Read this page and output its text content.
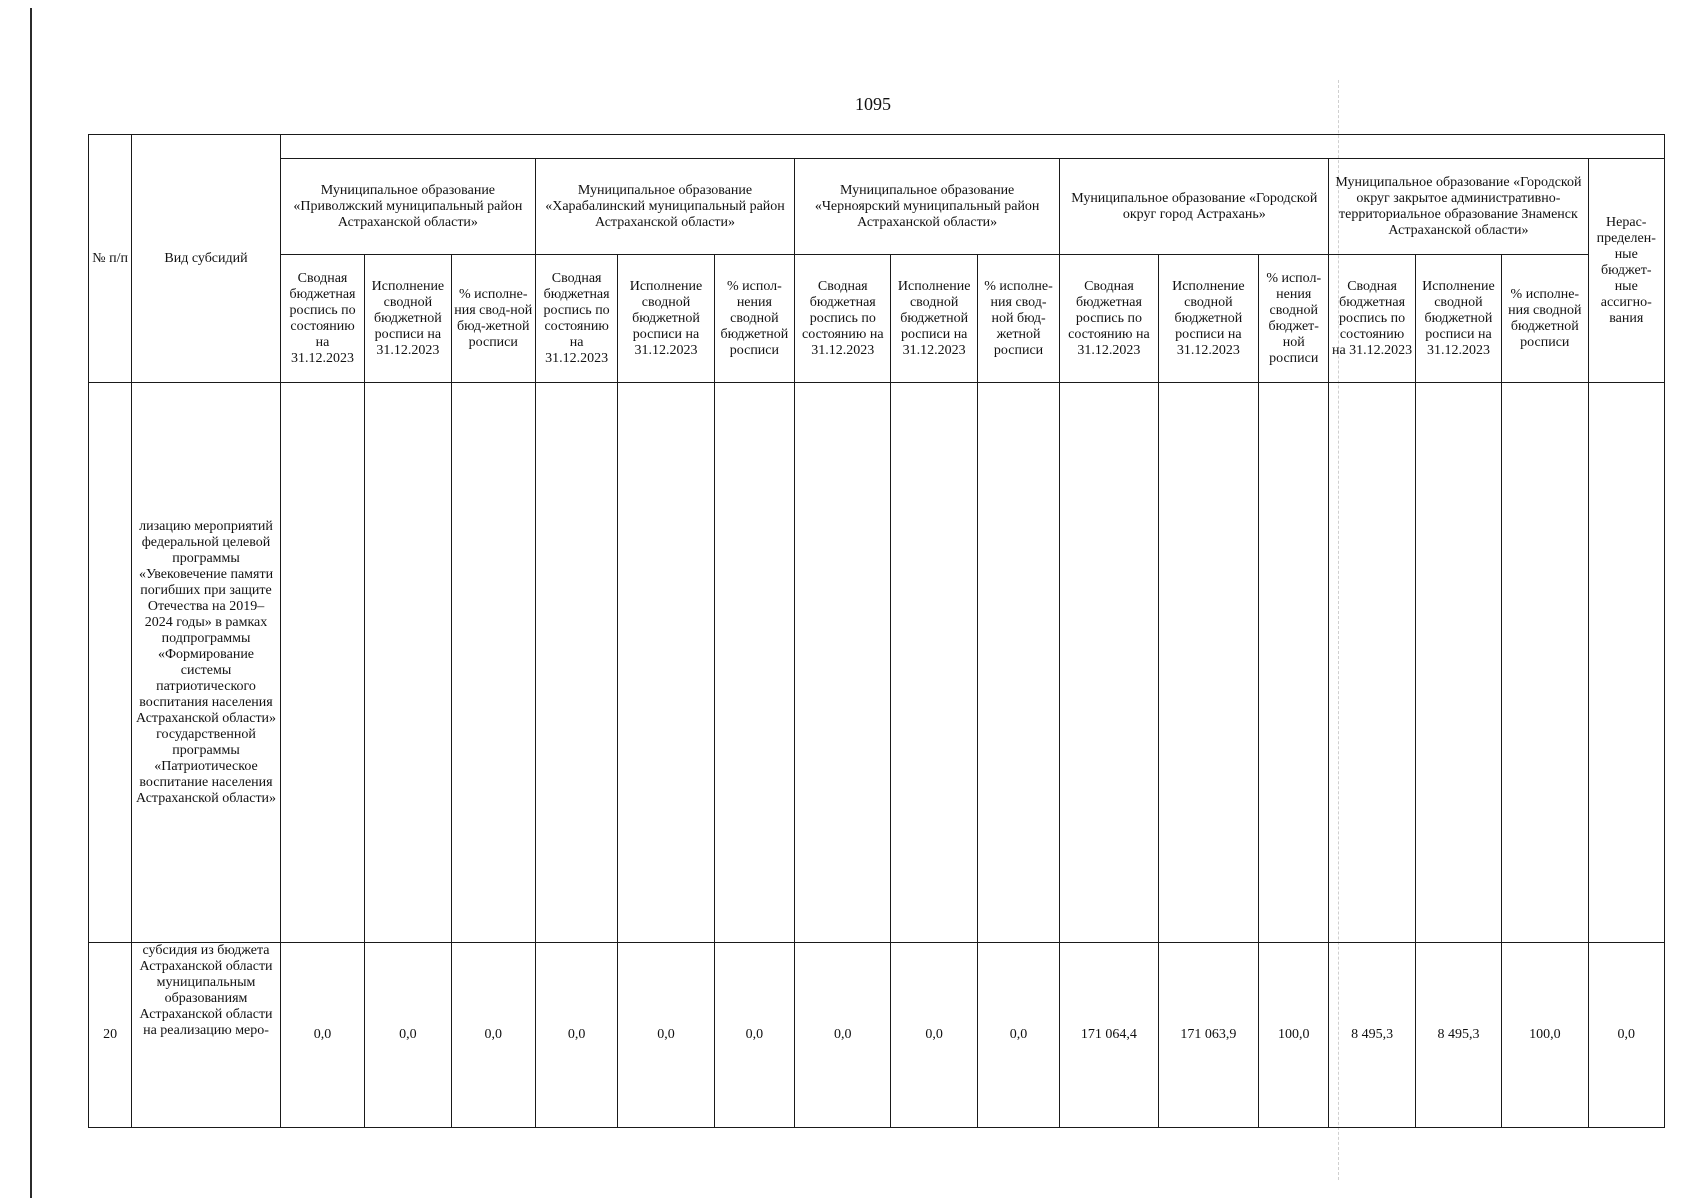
1095
№ п/п	Вид субсидий																
		Муниципальное образование «Приволжский муниципальный район Астраханской области»			Муниципальное образование «Харабалинский муниципальный район Астраханской области»			Муниципальное образование «Черноярский муниципальный район Астраханской области»			Муниципальное образование «Городской округ город Астрахань»			Муниципальное образование «Городской округ закрытое административно-территориальное образование Знаменск Астраханской области»			Нерас-пределен-ные бюджет-ные ассигно-вания
		Сводная бюджетная роспись по состоянию на 31.12.2023	Исполнение сводной бюджетной росписи на 31.12.2023	% исполне-ния свод-ной бюд-жетной росписи	Сводная бюджетная роспись по состоянию на 31.12.2023	Исполнение сводной бюджетной росписи на 31.12.2023	% испол-нения сводной бюджетной росписи	Сводная бюджетная роспись по состоянию на 31.12.2023	Исполнение сводной бюджетной росписи на 31.12.2023	% исполне-ния свод-ной бюд-жетной росписи	Сводная бюджетная роспись по состоянию на 31.12.2023	Исполнение сводной бюджетной росписи на 31.12.2023	% испол-нения сводной бюджет-ной росписи	Сводная бюджетная роспись по состоянию на 31.12.2023	Исполнение сводной бюджетной росписи на 31.12.2023	% исполне-ния сводной бюджетной росписи	
	лизацию мероприятий федеральной целевой программы «Увековечение памяти погибших при защите Отечества на 2019–2024 годы» в рамках подпрограммы «Формирование системы патриотического воспитания населения Астраханской области» государственной программы «Патриотическое воспитание населения Астраханской области»																
20	субсидия из бюджета Астраханской области муниципальным образованиям Астраханской области на реализацию меро-	0,0	0,0	0,0	0,0	0,0	0,0	0,0	0,0	0,0	171 064,4	171 063,9	100,0	8 495,3	8 495,3	100,0	0,0
